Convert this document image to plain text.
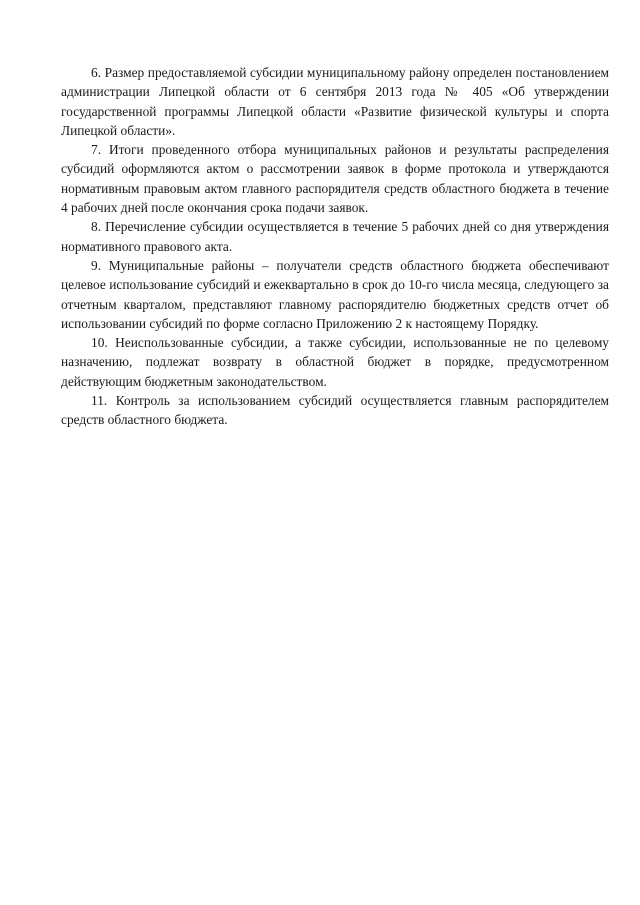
6. Размер предоставляемой субсидии муниципальному району определен постановлением администрации Липецкой области от 6 сентября 2013 года № 405 «Об утверждении государственной программы Липецкой области «Развитие физической культуры и спорта Липецкой области».

7. Итоги проведенного отбора муниципальных районов и результаты распределения субсидий оформляются актом о рассмотрении заявок в форме протокола и утверждаются нормативным правовым актом главного распорядителя средств областного бюджета в течение 4 рабочих дней после окончания срока подачи заявок.

8. Перечисление субсидии осуществляется в течение 5 рабочих дней со дня утверждения нормативного правового акта.

9. Муниципальные районы – получатели средств областного бюджета обеспечивают целевое использование субсидий и ежеквартально в срок до 10-го числа месяца, следующего за отчетным кварталом, представляют главному распорядителю бюджетных средств отчет об использовании субсидий по форме согласно Приложению 2 к настоящему Порядку.

10. Неиспользованные субсидии, а также субсидии, использованные не по целевому назначению, подлежат возврату в областной бюджет в порядке, предусмотренном действующим бюджетным законодательством.

11. Контроль за использованием субсидий осуществляется главным распорядителем средств областного бюджета.
